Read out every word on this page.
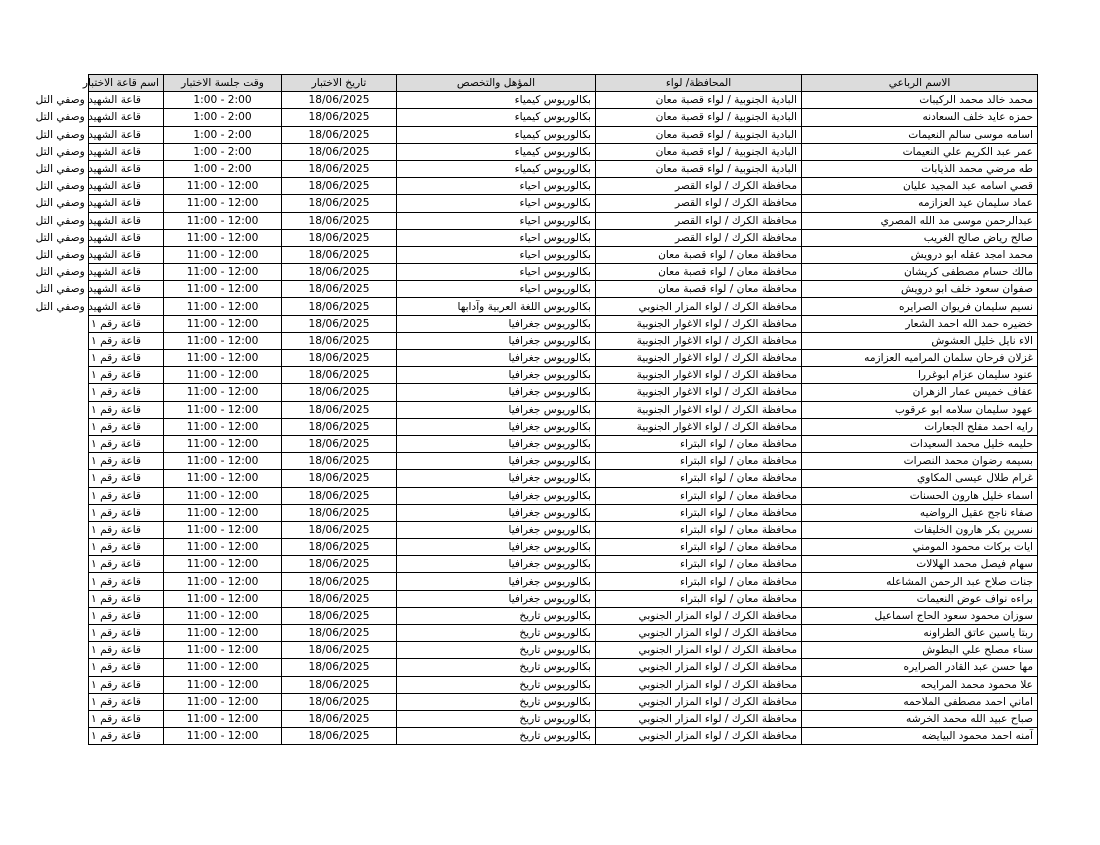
الاسم الرباعي	المحافظة/ لواء	المؤهل والتخصص	تاريخ الاختبار	وقت جلسة الاختبار	اسم قاعة الاختبار
محمد خالد محمد الركيبات	البادية الجنوبية / لواء قصبة معان	بكالوريوس كيمياء	18/06/2025	1:00 - 2:00	قاعة الشهيد وصفي التل
حمزه عايد خلف السعادنه	البادية الجنوبية / لواء قصبة معان	بكالوريوس كيمياء	18/06/2025	1:00 - 2:00	قاعة الشهيد وصفي التل
اسامه موسى سالم النعيمات	البادية الجنوبية / لواء قصبة معان	بكالوريوس كيمياء	18/06/2025	1:00 - 2:00	قاعة الشهيد وصفي التل
عمر عبد الكريم علي النعيمات	البادية الجنوبية / لواء قصبة معان	بكالوريوس كيمياء	18/06/2025	1:00 - 2:00	قاعة الشهيد وصفي التل
طه مرضي محمد الذيابات	البادية الجنوبية / لواء قصبة معان	بكالوريوس كيمياء	18/06/2025	1:00 - 2:00	قاعة الشهيد وصفي التل
قصي اسامه عبد المجيد عليان	محافظة الكرك / لواء القصر	بكالوريوس احياء	18/06/2025	11:00 - 12:00	قاعة الشهيد وصفي التل
عماد سليمان عيد العزازمه	محافظة الكرك / لواء القصر	بكالوريوس احياء	18/06/2025	11:00 - 12:00	قاعة الشهيد وصفي التل
عبدالرحمن موسى مد الله المصري	محافظة الكرك / لواء القصر	بكالوريوس احياء	18/06/2025	11:00 - 12:00	قاعة الشهيد وصفي التل
صالح رياض صالح الغريب	محافظة الكرك / لواء القصر	بكالوريوس احياء	18/06/2025	11:00 - 12:00	قاعة الشهيد وصفي التل
محمد امجد عقله ابو درويش	محافظة معان / لواء قصبة معان	بكالوريوس احياء	18/06/2025	11:00 - 12:00	قاعة الشهيد وصفي التل
مالك حسام مصطفى كريشان	محافظة معان / لواء قصبة معان	بكالوريوس احياء	18/06/2025	11:00 - 12:00	قاعة الشهيد وصفي التل
صفوان سعود خلف ابو درويش	محافظة معان / لواء قصبة معان	بكالوريوس احياء	18/06/2025	11:00 - 12:00	قاعة الشهيد وصفي التل
نسيم سليمان فريوان الصرايره	محافظة الكرك / لواء المزار الجنوبي	بكالوريوس اللغة العربية وآدابها	18/06/2025	11:00 - 12:00	قاعة الشهيد وصفي التل
خضيره حمد الله احمد الشعار	محافظة الكرك / لواء الاغوار الجنوبية	بكالوريوس جغرافيا	18/06/2025	11:00 - 12:00	قاعة رقم ١
الاء نايل خليل العشوش	محافظة الكرك / لواء الاغوار الجنوبية	بكالوريوس جغرافيا	18/06/2025	11:00 - 12:00	قاعة رقم ١
غزلان فرحان سلمان المراميه العزازمه	محافظة الكرك / لواء الاغوار الجنوبية	بكالوريوس جغرافيا	18/06/2025	11:00 - 12:00	قاعة رقم ١
عنود سليمان عزام ابوغررا	محافظة الكرك / لواء الاغوار الجنوبية	بكالوريوس جغرافيا	18/06/2025	11:00 - 12:00	قاعة رقم ١
عفاف خميس عمار الزهران	محافظة الكرك / لواء الاغوار الجنوبية	بكالوريوس جغرافيا	18/06/2025	11:00 - 12:00	قاعة رقم ١
عهود سليمان سلامه ابو عرقوب	محافظة الكرك / لواء الاغوار الجنوبية	بكالوريوس جغرافيا	18/06/2025	11:00 - 12:00	قاعة رقم ١
رايه احمد مفلح الجعارات	محافظة الكرك / لواء الاغوار الجنوبية	بكالوريوس جغرافيا	18/06/2025	11:00 - 12:00	قاعة رقم ١
حليمه خليل محمد السعيدات	محافظة معان / لواء البتراء	بكالوريوس جغرافيا	18/06/2025	11:00 - 12:00	قاعة رقم ١
بسيمه رضوان محمد النصرات	محافظة معان / لواء البتراء	بكالوريوس جغرافيا	18/06/2025	11:00 - 12:00	قاعة رقم ١
غرام طلال عيسى المكاوي	محافظة معان / لواء البتراء	بكالوريوس جغرافيا	18/06/2025	11:00 - 12:00	قاعة رقم ١
اسماء خليل هارون الحسنات	محافظة معان / لواء البتراء	بكالوريوس جغرافيا	18/06/2025	11:00 - 12:00	قاعة رقم ١
صفاء ناجح عقيل الرواضيه	محافظة معان / لواء البتراء	بكالوريوس جغرافيا	18/06/2025	11:00 - 12:00	قاعة رقم ١
نسرين بكر هارون الخليفات	محافظة معان / لواء البتراء	بكالوريوس جغرافيا	18/06/2025	11:00 - 12:00	قاعة رقم ١
ايات بركات محمود المومني	محافظة معان / لواء البتراء	بكالوريوس جغرافيا	18/06/2025	11:00 - 12:00	قاعة رقم ١
سهام فيصل محمد الهلالات	محافظة معان / لواء البتراء	بكالوريوس جغرافيا	18/06/2025	11:00 - 12:00	قاعة رقم ١
جنات صلاح عبد الرحمن المشاعله	محافظة معان / لواء البتراء	بكالوريوس جغرافيا	18/06/2025	11:00 - 12:00	قاعة رقم ١
براءه نواف عوض النعيمات	محافظة معان / لواء البتراء	بكالوريوس جغرافيا	18/06/2025	11:00 - 12:00	قاعة رقم ١
سوزان محمود سعود الحاج اسماعيل	محافظة الكرك / لواء المزار الجنوبي	بكالوريوس تاريخ	18/06/2025	11:00 - 12:00	قاعة رقم ١
ربتا ياسين عاتق الطراونه	محافظة الكرك / لواء المزار الجنوبي	بكالوريوس تاريخ	18/06/2025	11:00 - 12:00	قاعة رقم ١
سناء مصلح علي البطوش	محافظة الكرك / لواء المزار الجنوبي	بكالوريوس تاريخ	18/06/2025	11:00 - 12:00	قاعة رقم ١
مها حسن عبد القادر الصرايره	محافظة الكرك / لواء المزار الجنوبي	بكالوريوس تاريخ	18/06/2025	11:00 - 12:00	قاعة رقم ١
علا محمود محمد المرايحه	محافظة الكرك / لواء المزار الجنوبي	بكالوريوس تاريخ	18/06/2025	11:00 - 12:00	قاعة رقم ١
اماني احمد مصطفى الملاحمه	محافظة الكرك / لواء المزار الجنوبي	بكالوريوس تاريخ	18/06/2025	11:00 - 12:00	قاعة رقم ١
صباح عبيد الله محمد الخرشه	محافظة الكرك / لواء المزار الجنوبي	بكالوريوس تاريخ	18/06/2025	11:00 - 12:00	قاعة رقم ١
آمنه احمد محمود البيايضه	محافظة الكرك / لواء المزار الجنوبي	بكالوريوس تاريخ	18/06/2025	11:00 - 12:00	قاعة رقم ١
